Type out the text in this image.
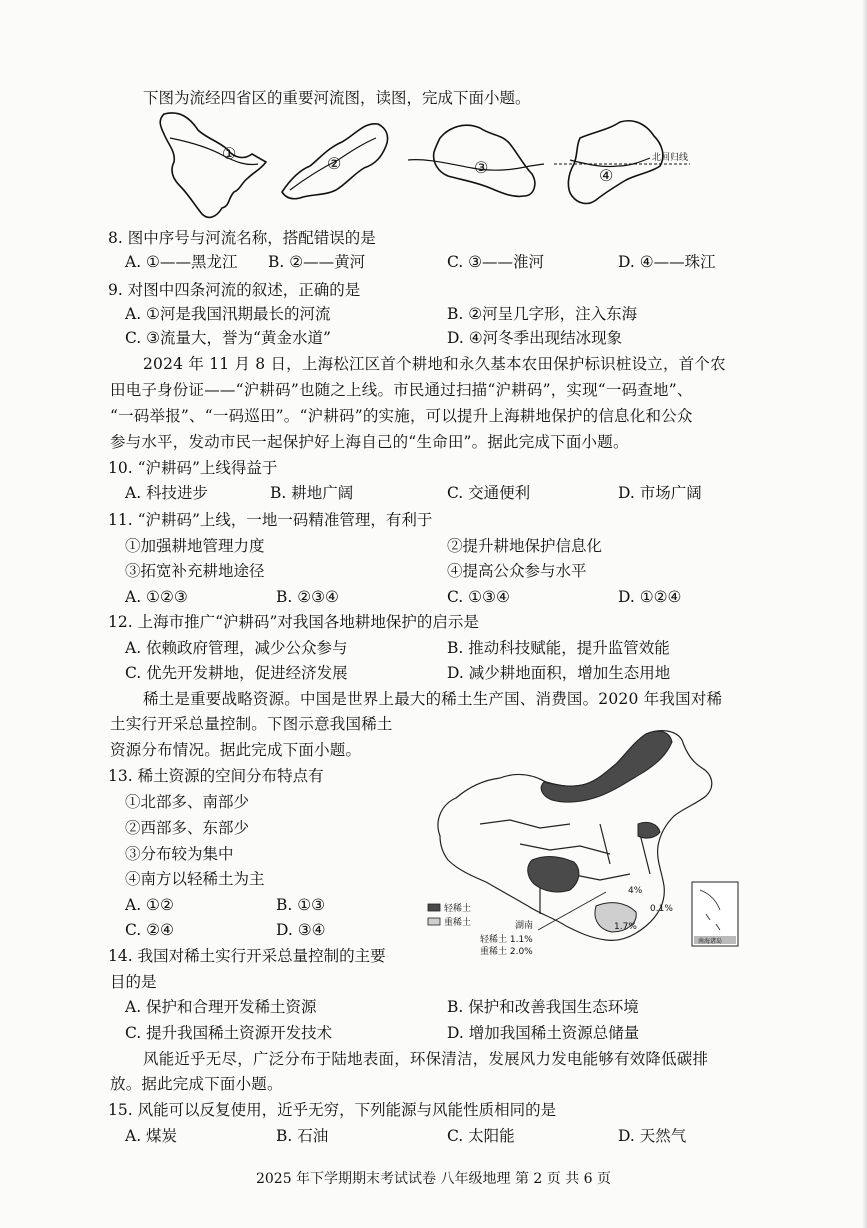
下图为流经四省区的重要河流图，读图，完成下面小题。
①
②	③	④
北回归线
8. 图中序号与河流名称，搭配错误的是
A. ①——黑龙江 B. ②——黄河	C. ③——淮河	D. ④——珠江
9. 对图中四条河流的叙述，正确的是
A. ①河是我国汛期最长的河流	B. ②河呈几字形，注入东海
C. ③流量大，誉为“黄金水道”	D. ④河冬季出现结冰现象
2024 年 11 月 8 日，上海松江区首个耕地和永久基本农田保护标识桩设立，首个农
田电子身份证——“沪耕码”也随之上线。市民通过扫描“沪耕码”，实现“一码查地”、
“一码举报”、“一码巡田”。“沪耕码”的实施，可以提升上海耕地保护的信息化和公众
参与水平，发动市民一起保护好上海自己的“生命田”。据此完成下面小题。
10. “沪耕码”上线得益于
A. 科技进步	B. 耕地广阔	C. 交通便利	D. 市场广阔
11. “沪耕码”上线，一地一码精准管理，有利于
①加强耕地管理力度	②提升耕地保护信息化
③拓宽补充耕地途径	④提高公众参与水平
A. ①②③	B. ②③④	C. ①③④	D. ①②④
12. 上海市推广“沪耕码”对我国各地耕地保护的启示是
A. 依赖政府管理，减少公众参与	B. 推动科技赋能，提升监管效能
C. 优先开发耕地，促进经济发展	D. 减少耕地面积，增加生态用地
稀土是重要战略资源。中国是世界上最大的稀土生产国、消费国。2020 年我国对稀
土实行开采总量控制。下图示意我国稀土
资源分布情况。据此完成下面小题。
轻稀土
重稀土	湖南
轻稀土 1.1%
重稀土 2.0%
4%
0.1%
1.7%
南海诸岛
13. 稀土资源的空间分布特点有
①北部多、南部少
②西部多、东部少
③分布较为集中
④南方以轻稀土为主
A. ①②	B. ①③
C. ②④	D. ③④
14. 我国对稀土实行开采总量控制的主要
目的是
A. 保护和合理开发稀土资源	B. 保护和改善我国生态环境
C. 提升我国稀土资源开发技术	D. 增加我国稀土资源总储量
风能近乎无尽，广泛分布于陆地表面，环保清洁，发展风力发电能够有效降低碳排
放。据此完成下面小题。
15. 风能可以反复使用，近乎无穷，下列能源与风能性质相同的是
A. 煤炭	B. 石油	C. 太阳能	D. 天然气
2025 年下学期期末考试试卷 八年级地理 第 2 页 共 6 页
